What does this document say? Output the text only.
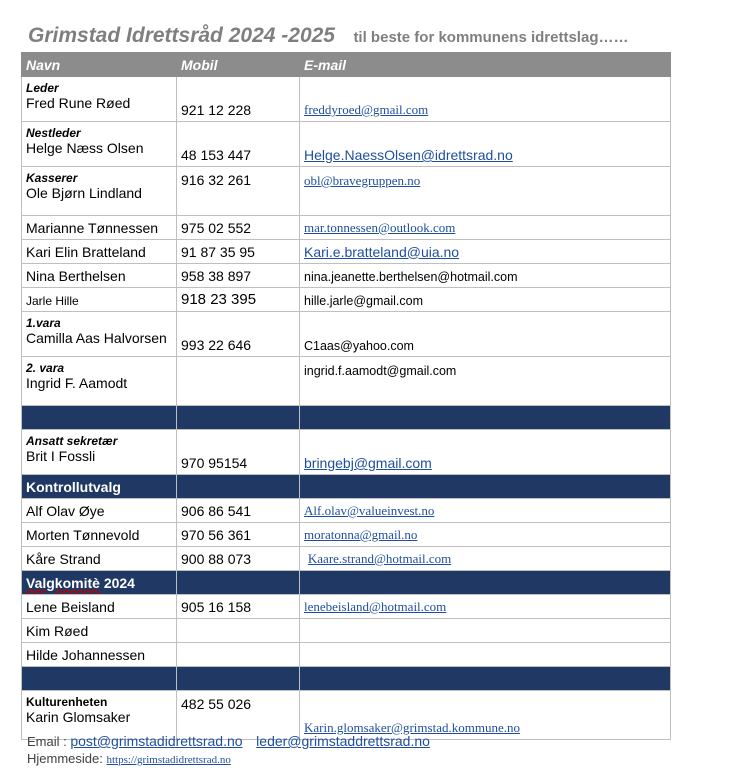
Grimstad Idrettsråd 2024 -2025 til beste for kommunens idrettslag……
Navn	Mobil	E-mail

Leder
Fred Rune Røed	921 12 228	freddyroed@gmail.com

Nestleder
Helge Næss Olsen	48 153 447	Helge.NaessOlsen@idrettsrad.no

Kasserer
Ole Bjørn Lindland	916 32 261	obl@bravegruppen.no
Marianne Tønnessen	975 02 552	mar.tonnessen@outlook.com
Kari Elin Bratteland	91 87 35 95	Kari.e.bratteland@uia.no
Nina Berthelsen	958 38 897	nina.jeanette.berthelsen@hotmail.com
Jarle Hille	918 23 395	hille.jarle@gmail.com

1.vara
Camilla Aas Halvorsen	993 22 646	C1aas@yahoo.com

2. vara
Ingrid F. Aamodt		ingrid.f.aamodt@gmail.com

Ansatt sekretær
Brit I Fossli	970 95154	bringebj@gmail.com
Kontrollutvalg		
Alf Olav Øye	906 86 541	Alf.olav@valueinvest.no
Morten Tønnevold	970 56 361	moratonna@gmail.no
Kåre Strand	900 88 073	Kaare.strand@hotmail.com
Valgkomitè 2024		
Lene Beisland	905 16 158	lenebeisland@hotmail.com
Kim Røed		
Hilde Johannessen		

Kulturenheten
Karin Glomsaker	482 55 026	Karin.glomsaker@grimstad.kommune.no
Email : post@grimstadidrettsrad.no leder@grimstaddrettsrad.no
Hjemmeside: https://grimstadidrettsrad.no
